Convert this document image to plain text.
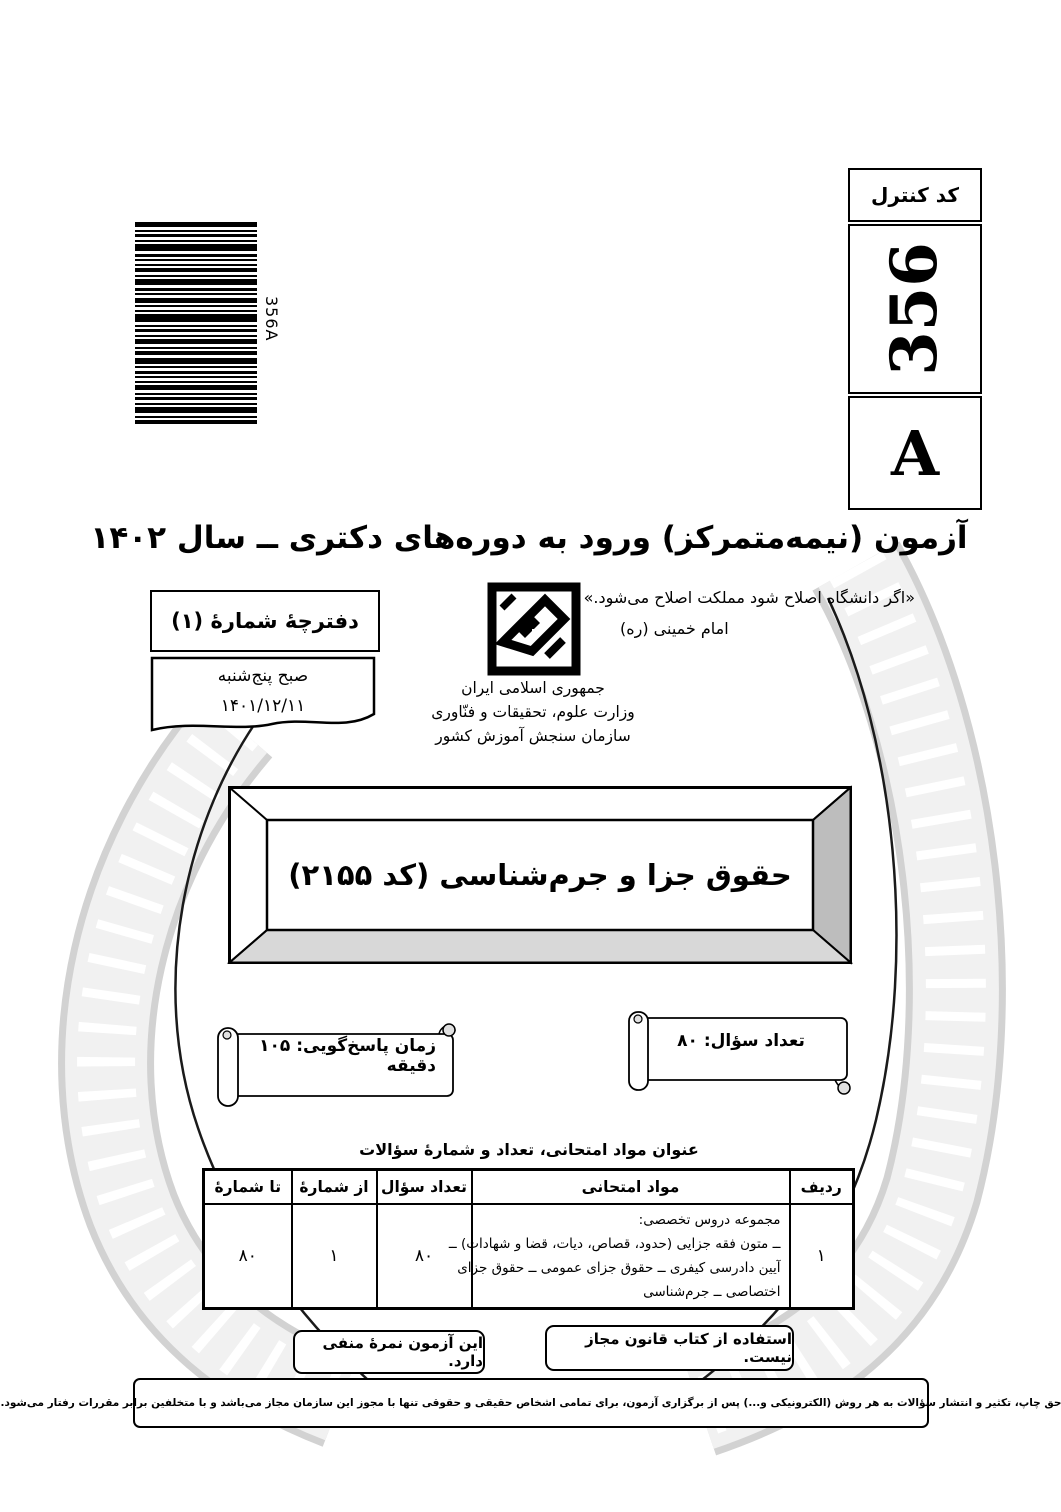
356A
کد کنترل
356
A
آزمون (نیمه‌متمرکز) ورود به دوره‌های دکتری ــ سال ۱۴۰۲
«اگر دانشگاه اصلاح شود مملکت اصلاح می‌شود.»
امام خمینی (ره)
جمهوری اسلامی ایران
وزارت علوم، تحقیقات و فنّاوری
سازمان سنجش آموزش کشور
دفترچۀ شمارۀ (۱)
صبح پنج‌شنبه
۱۴۰۱/۱۲/۱۱
حقوق جزا و جرم‌شناسی (کد ۲۱۵۵)
زمان پاسخ‌گویی: ۱۰۵ دقیقه
تعداد سؤال: ۸۰
عنوان مواد امتحانی، تعداد و شمارۀ سؤالات
ردیف	مواد امتحانی	تعداد سؤال	از شمارۀ	تا شمارۀ
۱	مجموعه دروس تخصصی:
ــ متون فقه جزایی (حدود، قصاص، دیات، قضا و شهادات) ــ
آیین دادرسی کیفری ــ حقوق جزای عمومی ــ حقوق جزای
اختصاصی ــ جرم‌شناسی	۸۰	۱	۸۰
استفاده از کتاب قانون مجاز نیست.
این آزمون نمرۀ منفی دارد.
حق چاپ، تکثیر و انتشار سؤالات به هر روش (الکترونیکی و...) پس از برگزاری آزمون، برای تمامی اشخاص حقیقی و حقوقی تنها با مجوز این سازمان مجاز می‌باشد و با متخلفین برابر مقررات رفتار می‌شود.
